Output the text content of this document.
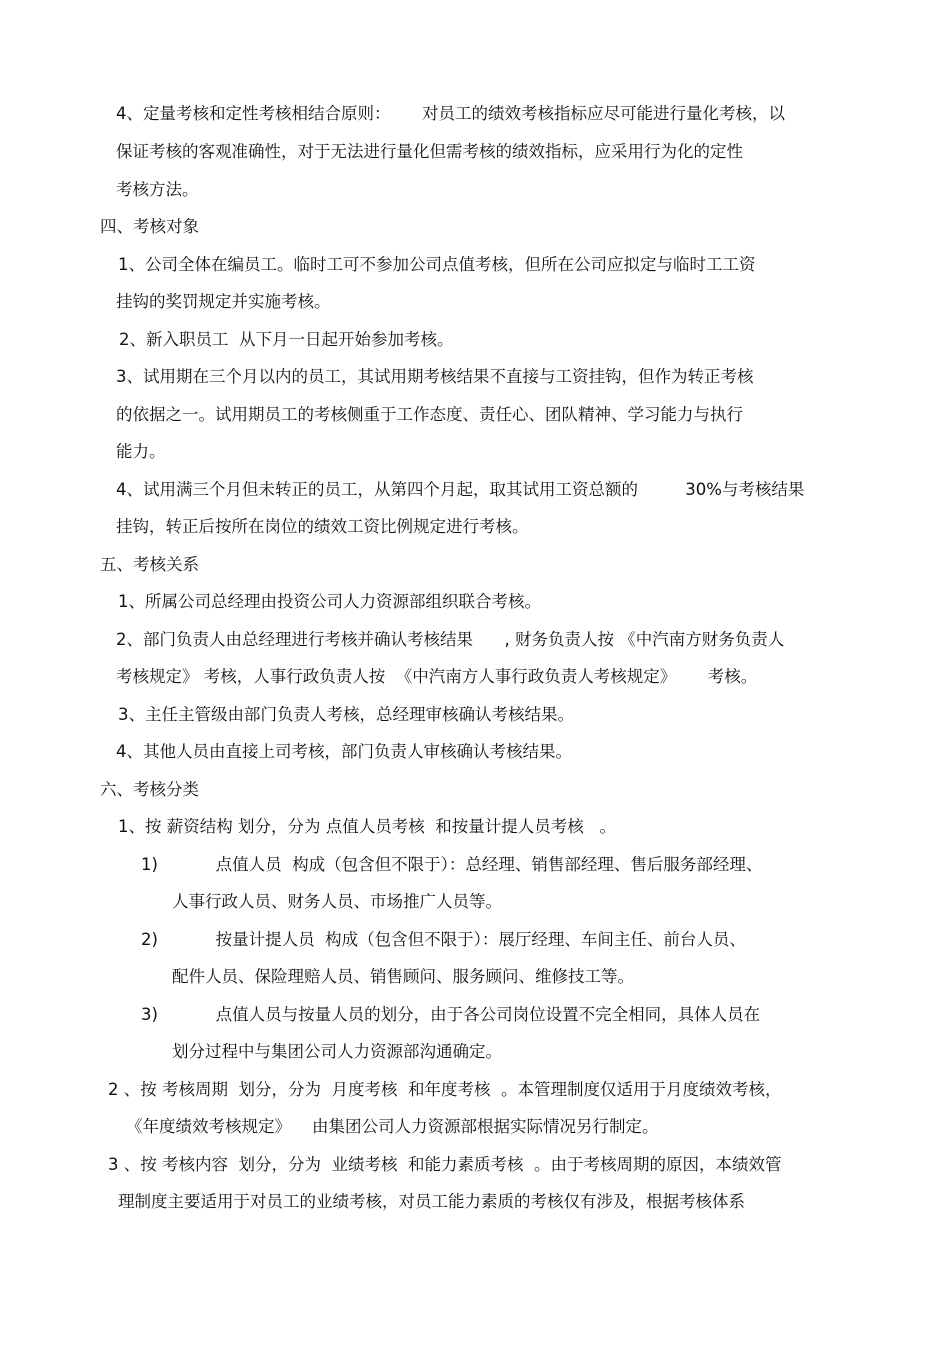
4、定量考核和定性考核相结合原则：      对员工的绩效考核指标应尽可能进行量化考核，以
保证考核的客观准确性，对于无法进行量化但需考核的绩效指标，应采用行为化的定性
考核方法。
四、考核对象
1、公司全体在编员工。临时工可不参加公司点值考核，但所在公司应拟定与临时工工资
挂钩的奖罚规定并实施考核。
2、新入职员工  从下月一日起开始参加考核。
3、试用期在三个月以内的员工，其试用期考核结果不直接与工资挂钩，但作为转正考核
的依据之一。试用期员工的考核侧重于工作态度、责任心、团队精神、学习能力与执行
能力。
4、试用满三个月但未转正的员工，从第四个月起，取其试用工资总额的         30%与考核结果
挂钩，转正后按所在岗位的绩效工资比例规定进行考核。
五、考核关系
1、所属公司总经理由投资公司人力资源部组织联合考核。
2、部门负责人由总经理进行考核并确认考核结果      , 财务负责人按 《中汽南方财务负责人
考核规定》 考核，人事行政负责人按  《中汽南方人事行政负责人考核规定》      考核。
3、主任主管级由部门负责人考核，总经理审核确认考核结果。
4、其他人员由直接上司考核，部门负责人审核确认考核结果。
六、考核分类
1、按 薪资结构 划分，分为 点值人员考核  和按量计提人员考核   。
1)           点值人员  构成（包含但不限于）：总经理、销售部经理、售后服务部经理、
人事行政人员、财务人员、市场推广人员等。
2)           按量计提人员  构成（包含但不限于）：展厅经理、车间主任、前台人员、
配件人员、保险理赔人员、销售顾问、服务顾问、维修技工等。
3)           点值人员与按量人员的划分，由于各公司岗位设置不完全相同，具体人员在
划分过程中与集团公司人力资源部沟通确定。
2 、按 考核周期  划分，分为  月度考核  和年度考核  。本管理制度仅适用于月度绩效考核，
《年度绩效考核规定》    由集团公司人力资源部根据实际情况另行制定。
3 、按 考核内容  划分，分为  业绩考核  和能力素质考核  。由于考核周期的原因，本绩效管
理制度主要适用于对员工的业绩考核，对员工能力素质的考核仅有涉及，根据考核体系
